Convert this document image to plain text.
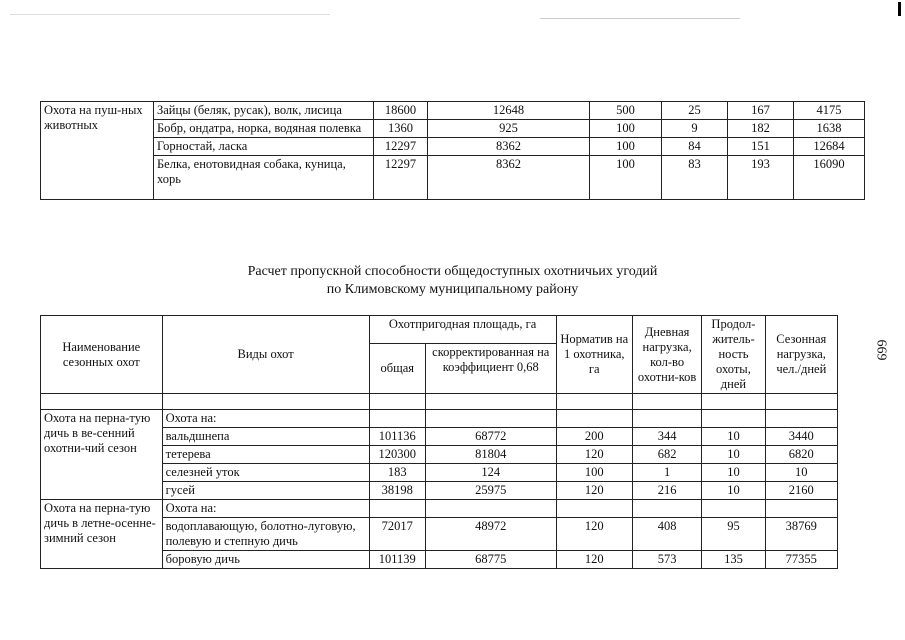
Охота на пуш-ных животных	Зайцы (беляк, русак), волк, лисица	18600	12648	500	25	167	4175
	Бобр, ондатра, норка, водяная полевка	1360	925	100	9	182	1638
	Горностай, ласка	12297	8362	100	84	151	12684
	Белка, енотовидная собака, куница, хорь	12297	8362	100	83	193	16090
Расчет пропускной способности общедоступных охотничьих угодий
по Климовскому муниципальному району
669
Наименование сезонных охот	Виды охот	Охотпригодная площадь, га		Норматив на 1 охотника, га	Дневная нагрузка, кол-во охотни-ков	Продол-житель-ность охоты, дней	Сезонная нагрузка, чел./дней
		общая	скорректированная на коэффициент 0,68				

Охота на перна-тую дичь в ве-сенний охотни-чий сезон	Охота на:						
	вальдшнепа	101136	68772	200	344	10	3440
	тетерева	120300	81804	120	682	10	6820
	селезней уток	183	124	100	1	10	10
	гусей	38198	25975	120	216	10	2160
Охота на перна-тую дичь в летне-осенне-зимний сезон	Охота на:						
	водоплавающую, болотно-луговую, полевую и степную дичь	72017	48972	120	408	95	38769
	боровую дичь	101139	68775	120	573	135	77355
